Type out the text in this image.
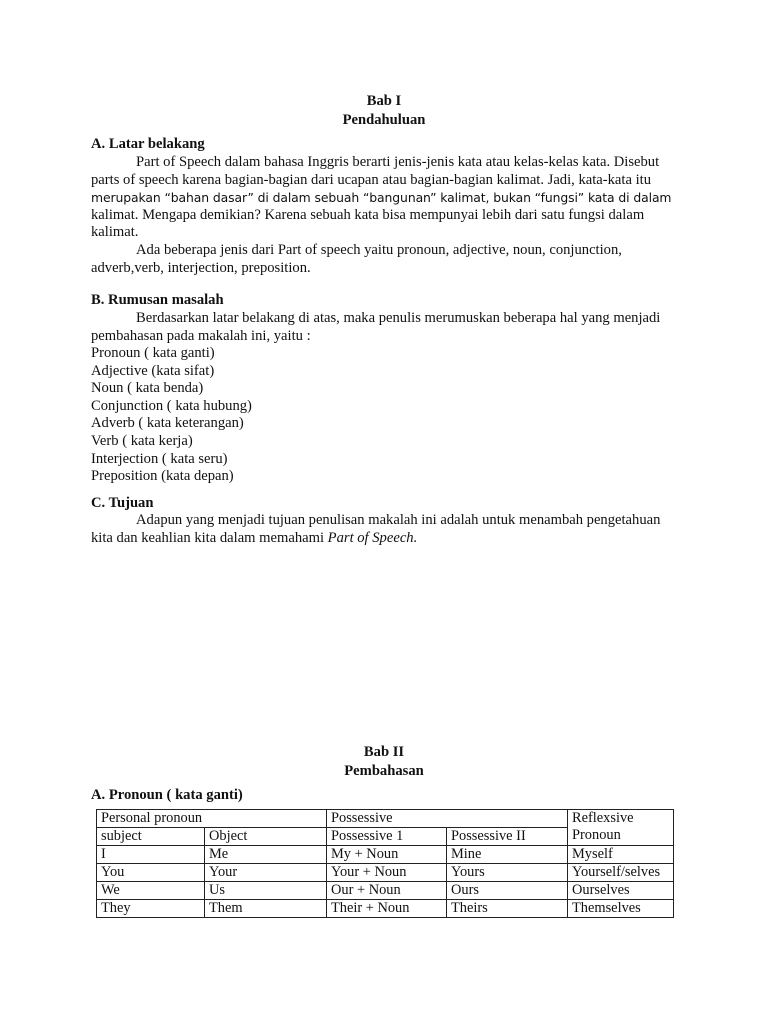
Bab I
Pendahuluan
A. Latar belakang

Part of Speech dalam bahasa Inggris berarti jenis-jenis kata atau kelas-kelas kata. Disebut

parts of speech karena bagian-bagian dari ucapan atau bagian-bagian kalimat. Jadi, kata-kata itu

merupakan “bahan dasar” di dalam sebuah “bangunan” kalimat, bukan “fungsi” kata di dalam

kalimat. Mengapa demikian? Karena sebuah kata bisa mempunyai lebih dari satu fungsi dalam

kalimat.

Ada beberapa jenis dari Part of speech yaitu pronoun, adjective, noun, conjunction,

adverb,verb, interjection, preposition.

B. Rumusan masalah

Berdasarkan latar belakang di atas, maka penulis merumuskan beberapa hal yang menjadi

pembahasan pada makalah ini, yaitu :

Pronoun ( kata ganti)
Adjective (kata sifat)
Noun ( kata benda)
Conjunction ( kata hubung)
Adverb ( kata keterangan)
Verb ( kata kerja)
Interjection ( kata seru)
Preposition (kata depan)
C. Tujuan

Adapun yang menjadi tujuan penulisan makalah ini adalah untuk menambah pengetahuan

kita dan keahlian kita dalam memahami Part of Speech.

Bab II
Pembahasan
A. Pronoun ( kata ganti)
Personal pronoun		Possessive		Reflexsive
Pronoun

subject	Object	Possessive 1	Possessive II	
I	Me	My + Noun	Mine	Myself
You	Your	Your + Noun	Yours	Yourself/selves
We	Us	Our + Noun	Ours	Ourselves
They	Them	Their + Noun	Theirs	Themselves
